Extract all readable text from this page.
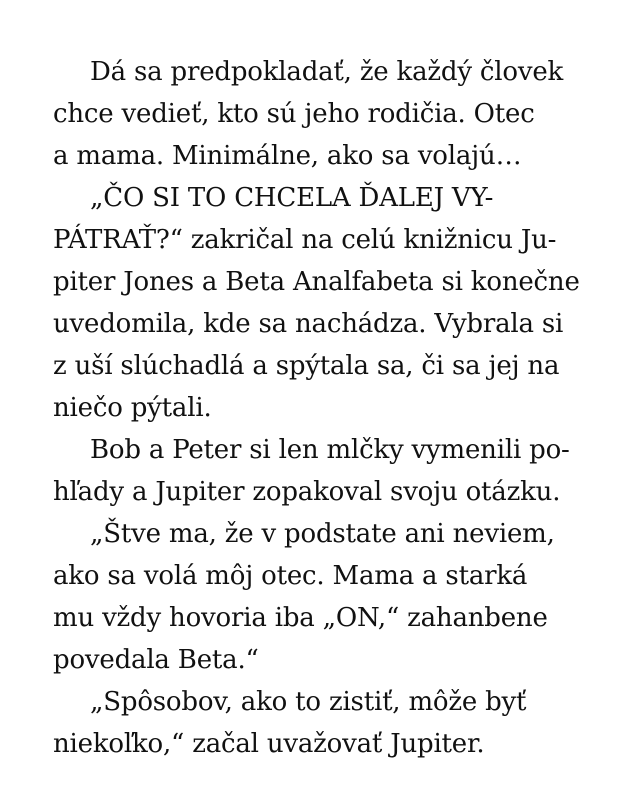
Dá sa predpokladať, že každý človek

chce vedieť, kto sú jeho rodičia. Otec

a mama. Minimálne, ako sa volajú…

„ČO SI TO CHCELA ĎALEJ VY-

PÁTRAŤ?“ zakričal na celú knižnicu Ju-

piter Jones a Beta Analfabeta si konečne

uvedomila, kde sa nachádza. Vybrala si

z uší slúchadlá a spýtala sa, či sa jej na

niečo pýtali.

Bob a Peter si len mlčky vymenili po-

hľady a Jupiter zopakoval svoju otázku.

„Štve ma, že v podstate ani neviem,

ako sa volá môj otec. Mama a starká

mu vždy hovoria iba „ON,“ zahanbene

povedala Beta.“

„Spôsobov, ako to zistiť, môže byť

niekoľko,“ začal uvažovať Jupiter.
